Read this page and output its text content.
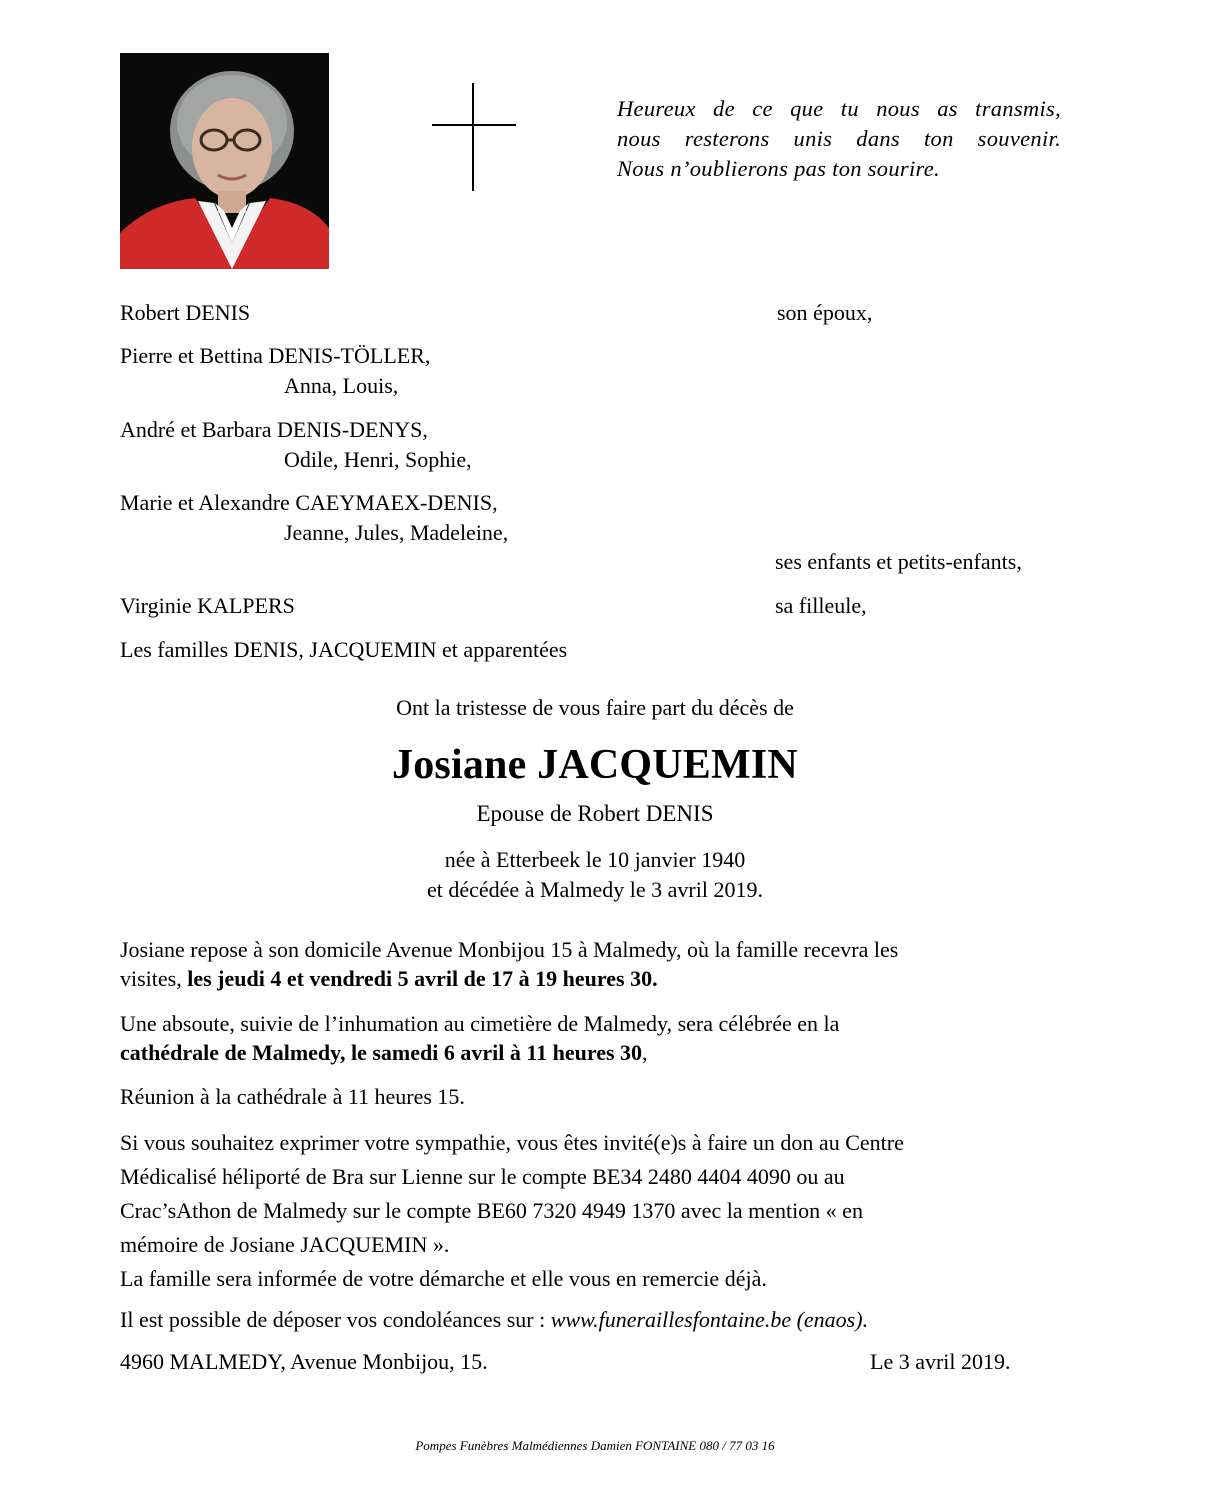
Heureux de ce que tu nous as transmis,
nous resterons unis dans ton souvenir.
Nous n’oublierons pas ton sourire.
Robert DENIS	son époux,
Pierre et Bettina DENIS-TÖLLER,
Anna, Louis,
André et Barbara DENIS-DENYS,
Odile, Henri, Sophie,
Marie et Alexandre CAEYMAEX-DENIS,
Jeanne, Jules, Madeleine,
ses enfants et petits-enfants,
Virginie KALPERS	sa filleule,
Les familles DENIS, JACQUEMIN et apparentées
Ont la tristesse de vous faire part du décès de
Josiane JACQUEMIN
Epouse de Robert DENIS
née à Etterbeek le 10 janvier 1940
et décédée à Malmedy le 3 avril 2019.
Josiane repose à son domicile Avenue Monbijou 15 à Malmedy, où la famille recevra les
visites, les jeudi 4 et vendredi 5 avril de 17 à 19 heures 30.
Une absoute, suivie de l’inhumation au cimetière de Malmedy, sera célébrée en la
cathédrale de Malmedy, le samedi 6 avril à 11 heures 30,
Réunion à la cathédrale à 11 heures 15.
Si vous souhaitez exprimer votre sympathie, vous êtes invité(e)s à faire un don au Centre
Médicalisé héliporté de Bra sur Lienne sur le compte BE34 2480 4404 4090 ou au
Crac’sAthon de Malmedy sur le compte BE60 7320 4949 1370 avec la mention « en
mémoire de Josiane JACQUEMIN ».
La famille sera informée de votre démarche et elle vous en remercie déjà.
Il est possible de déposer vos condoléances sur : www.funeraillesfontaine.be (enaos).
4960 MALMEDY, Avenue Monbijou, 15.	Le 3 avril 2019.
Pompes Funèbres Malmédiennes Damien FONTAINE 080 / 77 03 16
